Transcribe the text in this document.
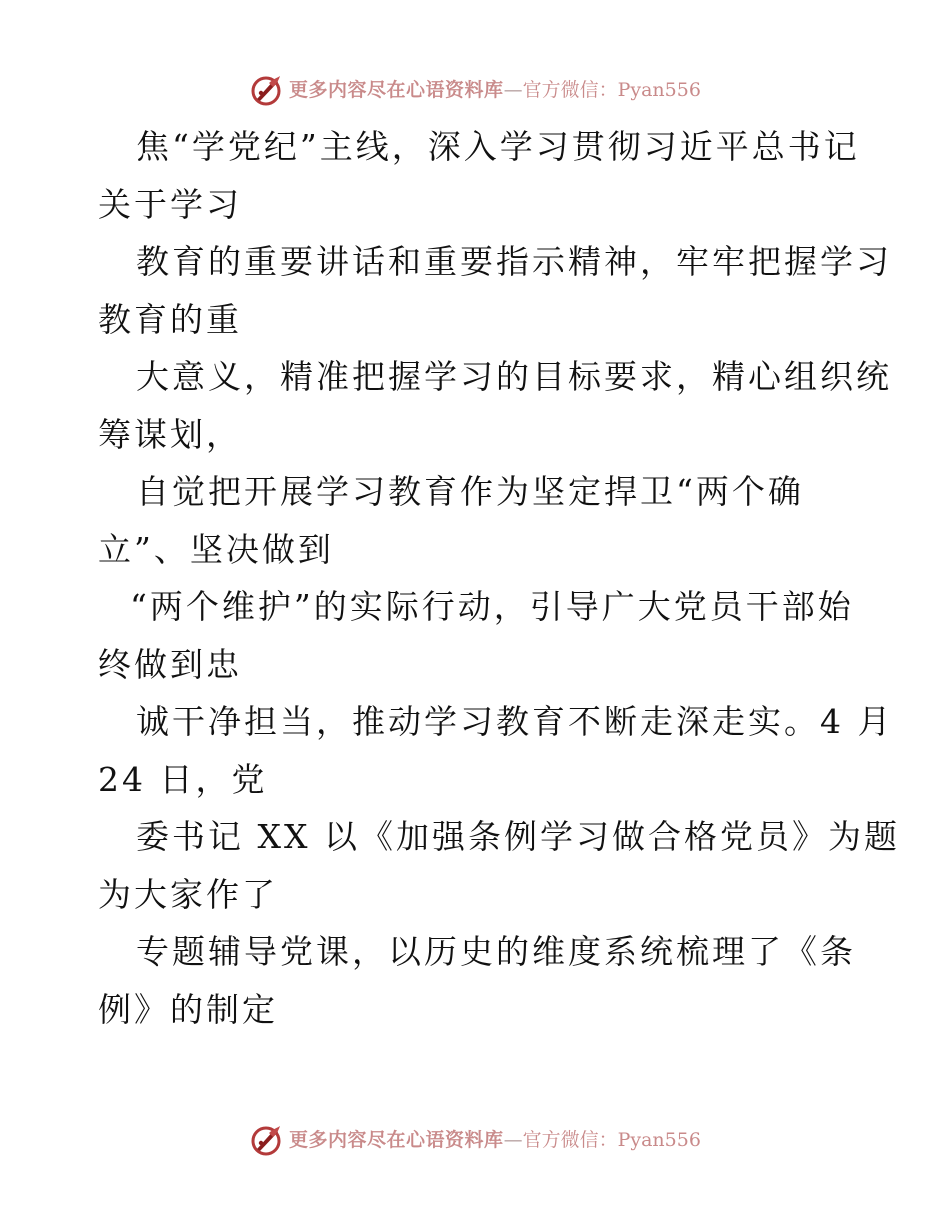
更多内容尽在心语资料库 — 官方微信： Pyan556
焦“学党纪”主线，深入学习贯彻习近平总书记
关于学习
教育的重要讲话和重要指示精神，牢牢把握学习
教育的重
大意义，精准把握学习的目标要求，精心组织统
筹谋划，
自觉把开展学习教育作为坚定捍卫“两个确
立”、坚决做到
“两个维护”的实际行动，引导广大党员干部始
终做到忠
诚干净担当，推动学习教育不断走深走实。4 月
24 日，党
委书记 XX 以《加强条例学习做合格党员》为题
为大家作了
专题辅导党课，以历史的维度系统梳理了《条
例》的制定
更多内容尽在心语资料库 — 官方微信： Pyan556
